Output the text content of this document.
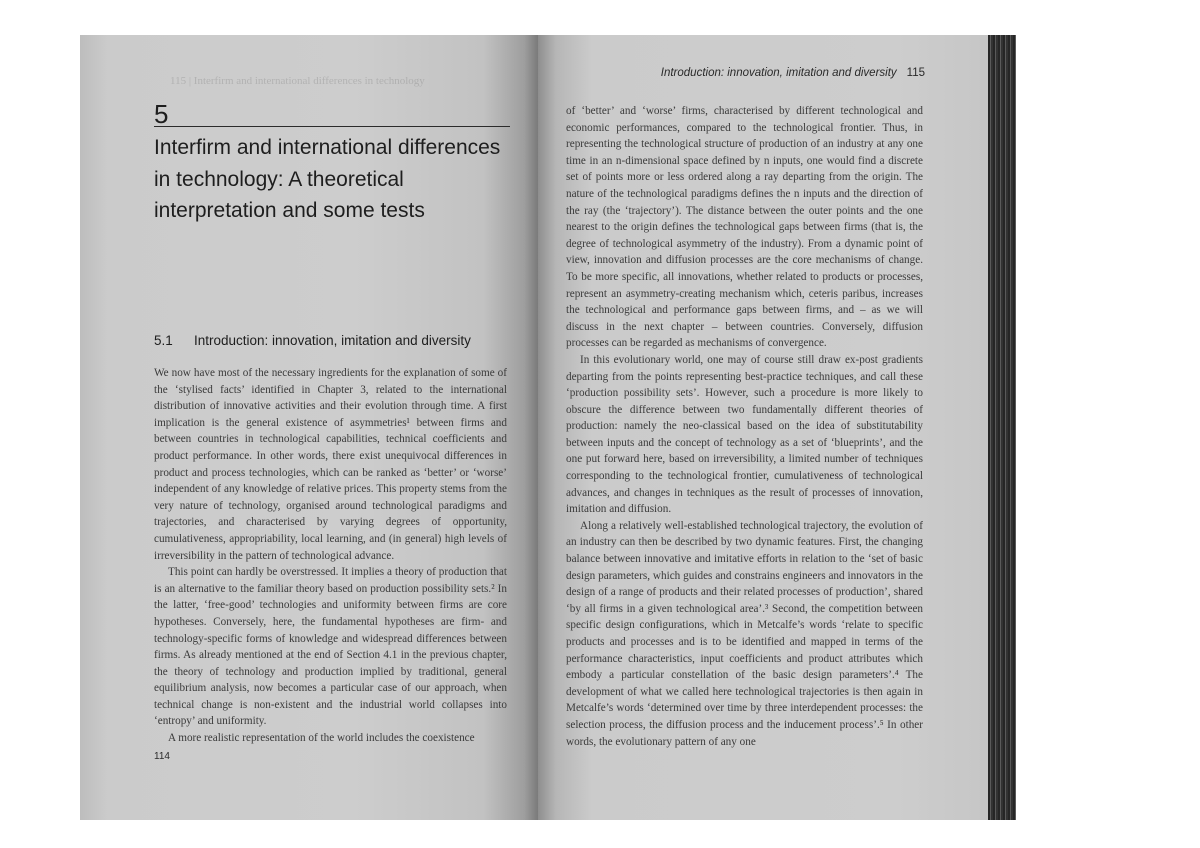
115 | Interfirm and international differences in technology
5
Interfirm and international differences in technology: A theoretical interpretation and some tests
5.1 Introduction: innovation, imitation and diversity

We now have most of the necessary ingredients for the explanation of some of the ‘stylised facts’ identified in Chapter 3, related to the international distribution of innovative activities and their evolution through time. A first implication is the general existence of asymmetries¹ between firms and between countries in technological capabilities, technical coefficients and product performance. In other words, there exist unequivocal differences in product and process technologies, which can be ranked as ‘better’ or ‘worse’ independent of any knowledge of relative prices. This property stems from the very nature of technology, organised around technological paradigms and trajectories, and characterised by varying degrees of opportunity, cumulativeness, appropriability, local learning, and (in general) high levels of irreversibility in the pattern of technological advance.

This point can hardly be overstressed. It implies a theory of production that is an alternative to the familiar theory based on production possibility sets.² In the latter, ‘free-good’ technologies and uniformity between firms are core hypotheses. Conversely, here, the fundamental hypotheses are firm- and technology-specific forms of knowledge and widespread differences between firms. As already mentioned at the end of Section 4.1 in the previous chapter, the theory of technology and production implied by traditional, general equilibrium analysis, now becomes a particular case of our approach, when technical change is non-existent and the industrial world collapses into ‘entropy’ and uniformity.

A more realistic representation of the world includes the coexistence

114
Introduction: innovation, imitation and diversity 115

of ‘better’ and ‘worse’ firms, characterised by different technological and economic performances, compared to the technological frontier. Thus, in representing the technological structure of production of an industry at any one time in an n-dimensional space defined by n inputs, one would find a discrete set of points more or less ordered along a ray departing from the origin. The nature of the technological paradigms defines the n inputs and the direction of the ray (the ‘trajectory’). The distance between the outer points and the one nearest to the origin defines the technological gaps between firms (that is, the degree of technological asymmetry of the industry). From a dynamic point of view, innovation and diffusion processes are the core mechanisms of change. To be more specific, all innovations, whether related to products or processes, represent an asymmetry-creating mechanism which, ceteris paribus, increases the technological and performance gaps between firms, and – as we will discuss in the next chapter – between countries. Conversely, diffusion processes can be regarded as mechanisms of convergence.

In this evolutionary world, one may of course still draw ex-post gradients departing from the points representing best-practice techniques, and call these ‘production possibility sets’. However, such a procedure is more likely to obscure the difference between two fundamentally different theories of production: namely the neo-classical based on the idea of substitutability between inputs and the concept of technology as a set of ‘blueprints’, and the one put forward here, based on irreversibility, a limited number of techniques corresponding to the technological frontier, cumulativeness of technological advances, and changes in techniques as the result of processes of innovation, imitation and diffusion.

Along a relatively well-established technological trajectory, the evolution of an industry can then be described by two dynamic features. First, the changing balance between innovative and imitative efforts in relation to the ‘set of basic design parameters, which guides and constrains engineers and innovators in the design of a range of products and their related processes of production’, shared ‘by all firms in a given technological area’.³ Second, the competition between specific design configurations, which in Metcalfe’s words ‘relate to specific products and processes and is to be identified and mapped in terms of the performance characteristics, input coefficients and product attributes which embody a particular constellation of the basic design parameters’.⁴ The development of what we called here technological trajectories is then again in Metcalfe’s words ‘determined over time by three interdependent processes: the selection process, the diffusion process and the inducement process’.⁵ In other words, the evolutionary pattern of any one
